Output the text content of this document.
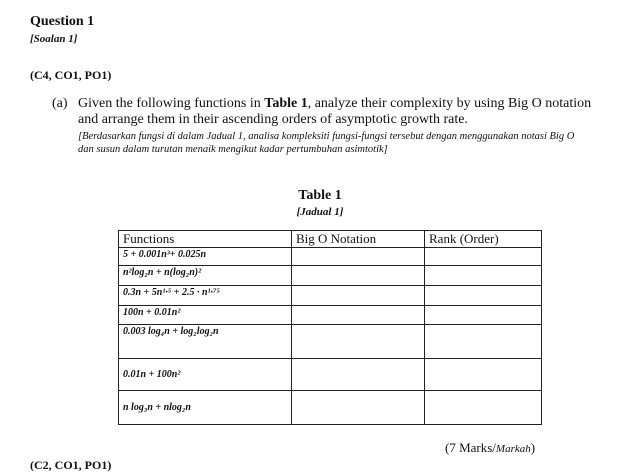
Question 1
[Soalan 1]
(C4, CO1, PO1)
(a) Given the following functions in Table 1, analyze their complexity by using Big O notation and arrange them in their ascending orders of asymptotic growth rate.
[Berdasarkan fungsi di dalam Jadual 1, analisa kompleksiti fungsi-fungsi tersebut dengan menggunakan notasi Big O dan susun dalam turutan menaik mengikut kadar pertumbuhan asimtotik]
Table 1
[Jadual 1]
Functions	Big O Notation	Rank (Order)
5 + 0.001n³+ 0.025n		
n²log₂n + n(log₂n)²		
0.3n + 5n¹·⁵ + 2.5 · n¹·⁷⁵		
100n + 0.01n²		
0.003 log₄n + log₂log₂n		
0.01n + 100n²		
n log₃n + nlog₂n		
(7 Marks/Markah)
(C2, CO1, PO1)
